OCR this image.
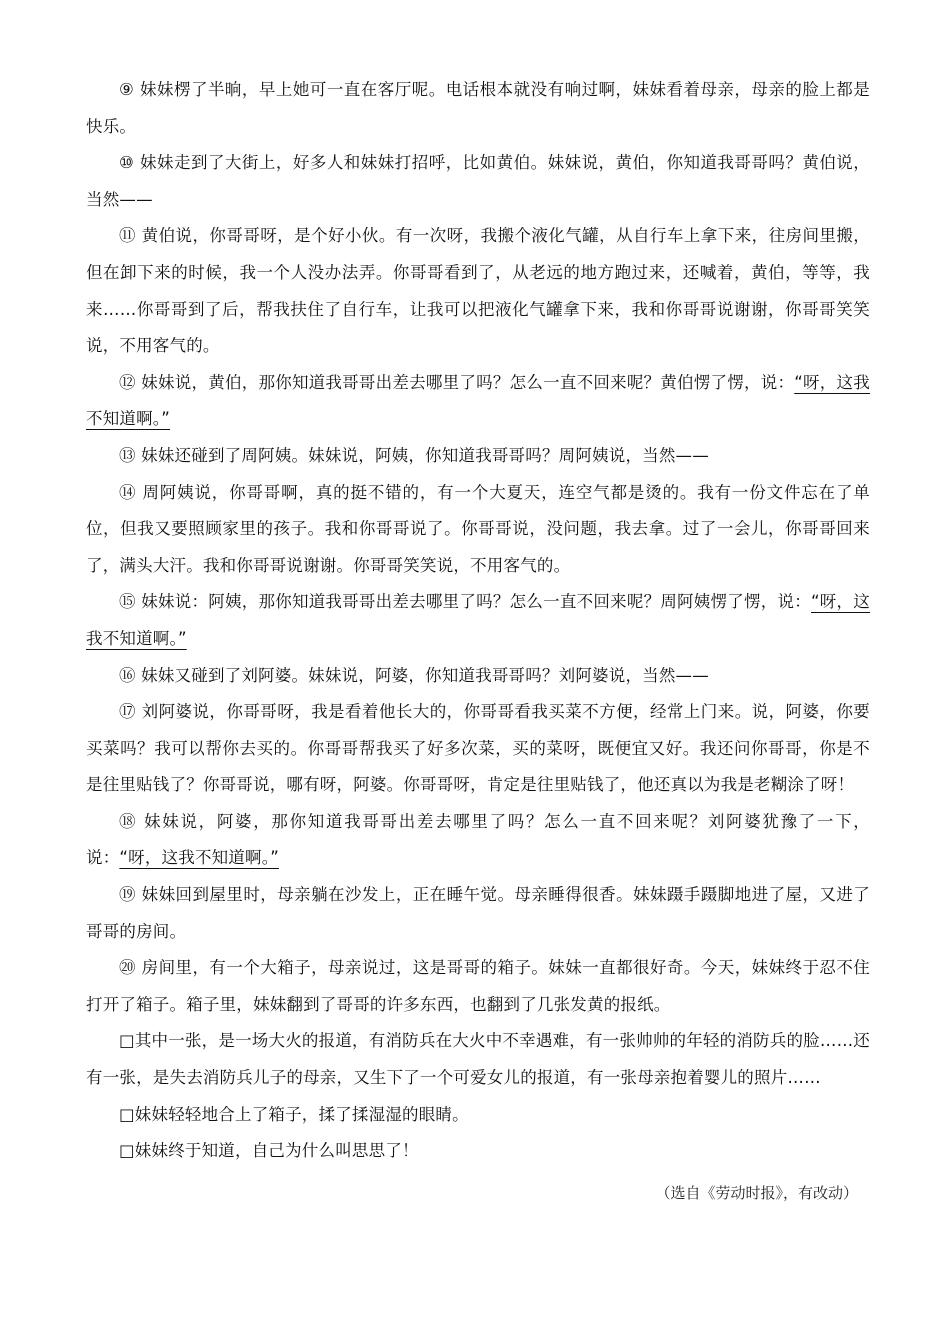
⑨ 妹妹楞了半晌，早上她可一直在客厅呢。电话根本就没有响过啊，妹妹看着母亲，母亲的脸上都是快乐。

⑩ 妹妹走到了大街上，好多人和妹妹打招呼，比如黄伯。妹妹说，黄伯，你知道我哥哥吗？黄伯说，当然——

⑪ 黄伯说，你哥哥呀，是个好小伙。有一次呀，我搬个液化气罐，从自行车上拿下来，往房间里搬，但在卸下来的时候，我一个人没办法弄。你哥哥看到了，从老远的地方跑过来，还喊着，黄伯，等等，我来……你哥哥到了后，帮我扶住了自行车，让我可以把液化气罐拿下来，我和你哥哥说谢谢，你哥哥笑笑说，不用客气的。

⑫ 妹妹说，黄伯，那你知道我哥哥出差去哪里了吗？怎么一直不回来呢？黄伯愣了愣，说：“呀，这我不知道啊。”

⑬ 妹妹还碰到了周阿姨。妹妹说，阿姨，你知道我哥哥吗？周阿姨说，当然——

⑭ 周阿姨说，你哥哥啊，真的挺不错的，有一个大夏天，连空气都是烫的。我有一份文件忘在了单位，但我又要照顾家里的孩子。我和你哥哥说了。你哥哥说，没问题，我去拿。过了一会儿，你哥哥回来了，满头大汗。我和你哥哥说谢谢。你哥哥笑笑说，不用客气的。

⑮ 妹妹说：阿姨，那你知道我哥哥出差去哪里了吗？怎么一直不回来呢？周阿姨愣了愣，说：“呀，这我不知道啊。”

⑯ 妹妹又碰到了刘阿婆。妹妹说，阿婆，你知道我哥哥吗？刘阿婆说，当然——

⑰ 刘阿婆说，你哥哥呀，我是看着他长大的，你哥哥看我买菜不方便，经常上门来。说，阿婆，你要买菜吗？我可以帮你去买的。你哥哥帮我买了好多次菜，买的菜呀，既便宜又好。我还问你哥哥，你是不是往里贴钱了？你哥哥说，哪有呀，阿婆。你哥哥呀，肯定是往里贴钱了，他还真以为我是老糊涂了呀！

⑱ 妹妹说，阿婆，那你知道我哥哥出差去哪里了吗？怎么一直不回来呢？刘阿婆犹豫了一下，说：“呀，这我不知道啊。”

⑲ 妹妹回到屋里时，母亲躺在沙发上，正在睡午觉。母亲睡得很香。妹妹蹑手蹑脚地进了屋，又进了哥哥的房间。

⑳ 房间里，有一个大箱子，母亲说过，这是哥哥的箱子。妹妹一直都很好奇。今天，妹妹终于忍不住打开了箱子。箱子里，妹妹翻到了哥哥的许多东西，也翻到了几张发黄的报纸。

□其中一张，是一场大火的报道，有消防兵在大火中不幸遇难，有一张帅帅的年轻的消防兵的脸……还有一张，是失去消防兵儿子的母亲，又生下了一个可爱女儿的报道，有一张母亲抱着婴儿的照片……

□妹妹轻轻地合上了箱子，揉了揉湿湿的眼睛。

□妹妹终于知道，自己为什么叫思思了！

（选自《劳动时报》，有改动）
